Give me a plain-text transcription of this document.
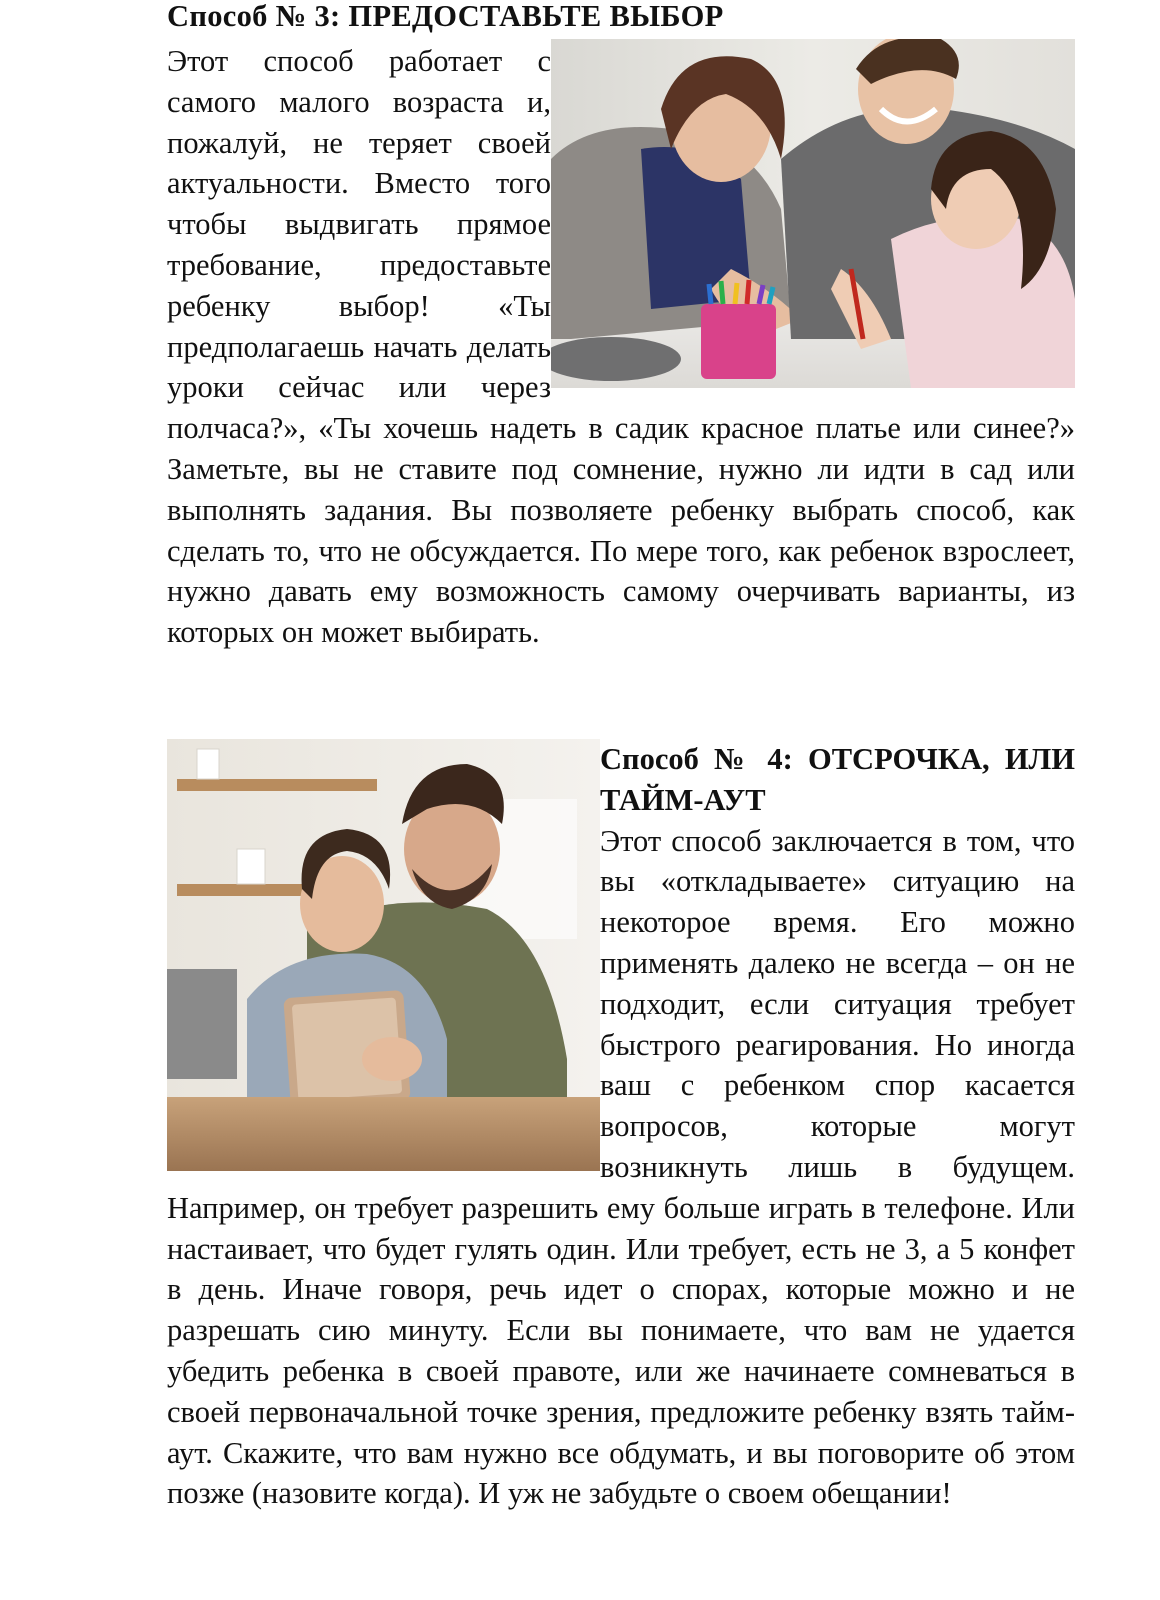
Способ № 3: ПРЕДОСТАВЬТЕ ВЫБОР

Этот способ работает с самого малого возраста и, пожалуй, не теряет своей актуальности. Вместо того чтобы выдвигать прямое требование, предоставьте ребенку выбор! «Ты предполагаешь начать делать уроки сейчас или через полчаса?», «Ты хочешь надеть в садик красное платье или синее?» Заметьте, вы не ставите под сомнение, нужно ли идти в сад или выполнять задания. Вы позволяете ребенку выбрать способ, как сделать то, что не обсуждается. По мере того, как ребенок взрослеет, нужно давать ему возможность самому очерчивать варианты, из которых он может выбирать.

Способ № 4: ОТСРОЧКА, ИЛИ ТАЙМ-АУТ

Этот способ заключается в том, что вы «откладываете» ситуацию на некоторое время. Его можно применять далеко не всегда – он не подходит, если ситуация требует быстрого реагирования. Но иногда ваш с ребенком спор касается вопросов, которые могут возникнуть лишь в будущем. Например, он требует разрешить ему больше играть в телефоне. Или настаивает, что будет гулять один. Или требует, есть не 3, а 5 конфет в день. Иначе говоря, речь идет о спорах, которые можно и не разрешать сию минуту. Если вы понимаете, что вам не удается убедить ребенка в своей правоте, или же начинаете сомневаться в своей первоначальной точке зрения, предложите ребенку взять тайм-аут. Скажите, что вам нужно все обдумать, и вы поговорите об этом позже (назовите когда). И уж не забудьте о своем обещании!
